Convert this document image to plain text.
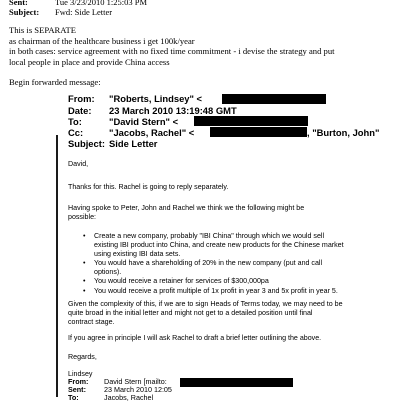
Sent:	Tue 3/23/2010 1:25:03 PM
Subject: Fwd: Side Letter
This is SEPARATE
as chairman of the healthcare business i get 100k/year
in both cases: service agreement with no fixed time commitment - i devise the strategy and put
local people in place and provide China access
Begin forwarded message:
From: "Roberts, Lindsey" <
Date: 23 March 2010 13:19:48 GMT
To:	"David Stern" <
Cc:	"Jacobs, Rachel" <	, "Burton, John"
Subject: Side Letter
David,
Thanks for this. Rachel is going to reply separately.
Having spoke to Peter, John and Rachel we think we the following might be
possible:
• Create a new company, probably "IBI China" through which we would sell
existing IBI product into China, and create new products for the Chinese market
using existing IBI data sets.
• You would have a shareholding of 20% in the new company (put and call
options).
• You would receive a retainer for services of $300,000pa
• You would receive a profit multiple of 1x profit in year 3 and 5x profit in year 5.
Given the complexity of this, if we are to sign Heads of Terms today, we may need to be
quite broad in the initial letter and might not get to a detailed position until final
contract stage.
If you agree in principle I will ask Rachel to draft a brief letter outlining the above.
Regards,
Lindsey
From: David Stern [mailto:
Sent:	23 March 2010 12:05
To:	Jacobs, Rachel
